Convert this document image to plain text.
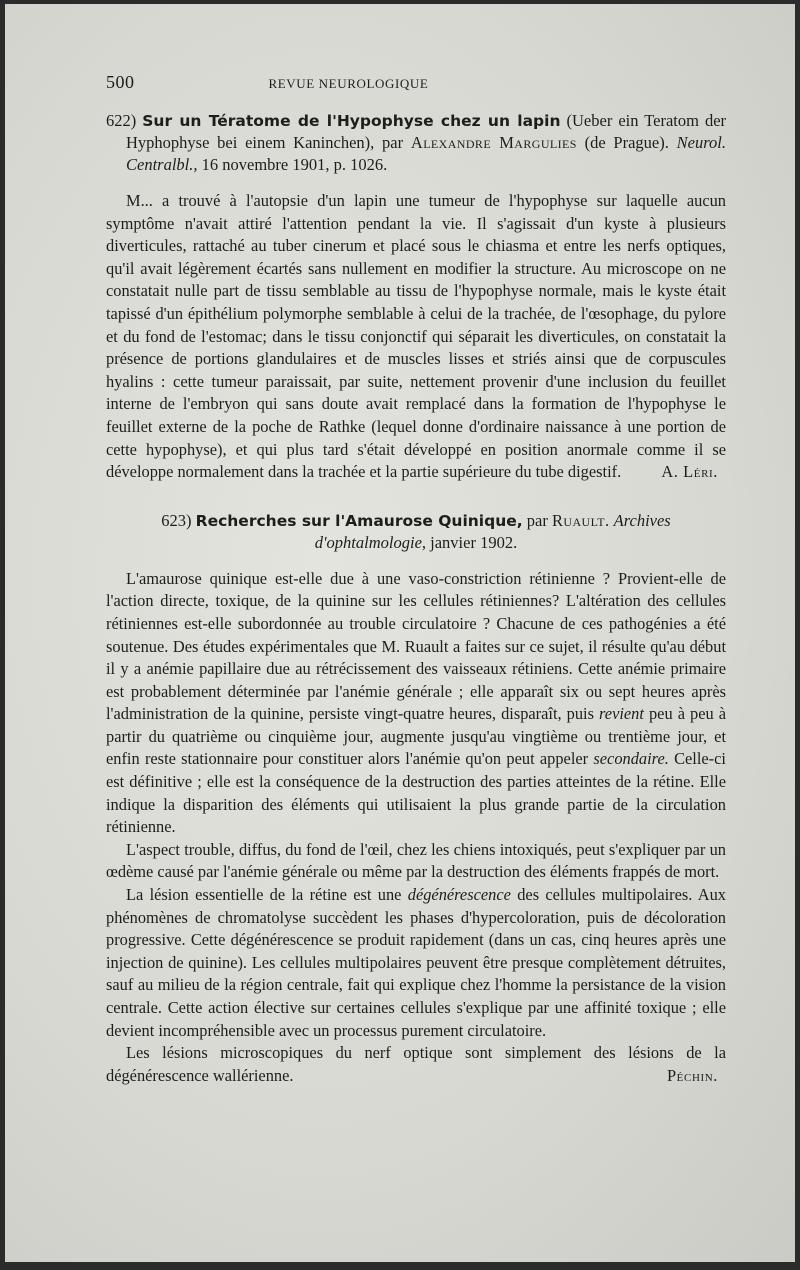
500	REVUE NEUROLOGIQUE

622) Sur un Tératome de l'Hypophyse chez un lapin (Ueber ein Teratom der Hyphophyse bei einem Kaninchen), par Alexandre Margulies (de Prague). Neurol. Centralbl., 16 novembre 1901, p. 1026.

M... a trouvé à l'autopsie d'un lapin une tumeur de l'hypophyse sur laquelle aucun symptôme n'avait attiré l'attention pendant la vie. Il s'agissait d'un kyste à plusieurs diverticules, rattaché au tuber cinerum et placé sous le chiasma et entre les nerfs optiques, qu'il avait légèrement écartés sans nullement en modifier la structure. Au microscope on ne constatait nulle part de tissu semblable au tissu de l'hypophyse normale, mais le kyste était tapissé d'un épithélium polymorphe semblable à celui de la trachée, de l'œsophage, du pylore et du fond de l'estomac; dans le tissu conjonctif qui séparait les diverticules, on constatait la présence de portions glandulaires et de muscles lisses et striés ainsi que de corpuscules hyalins : cette tumeur paraissait, par suite, nettement provenir d'une inclusion du feuillet interne de l'embryon qui sans doute avait remplacé dans la formation de l'hypophyse le feuillet externe de la poche de Rathke (lequel donne d'ordinaire naissance à une portion de cette hypophyse), et qui plus tard s'était développé en position anormale comme il se développe normalement dans la trachée et la partie supérieure du tube digestif.	A. Léri.

623) Recherches sur l'Amaurose Quinique, par Ruault. Archives d'ophtalmologie, janvier 1902.

L'amaurose quinique est-elle due à une vaso-constriction rétinienne ? Provient-elle de l'action directe, toxique, de la quinine sur les cellules rétiniennes? L'altération des cellules rétiniennes est-elle subordonnée au trouble circulatoire ? Chacune de ces pathogénies a été soutenue. Des études expérimentales que M. Ruault a faites sur ce sujet, il résulte qu'au début il y a anémie papillaire due au rétrécissement des vaisseaux rétiniens. Cette anémie primaire est probablement déterminée par l'anémie générale ; elle apparaît six ou sept heures après l'administration de la quinine, persiste vingt-quatre heures, disparaît, puis revient peu à peu à partir du quatrième ou cinquième jour, augmente jusqu'au vingtième ou trentième jour, et enfin reste stationnaire pour constituer alors l'anémie qu'on peut appeler secondaire. Celle-ci est définitive ; elle est la conséquence de la destruction des parties atteintes de la rétine. Elle indique la disparition des éléments qui utilisaient la plus grande partie de la circulation rétinienne.

L'aspect trouble, diffus, du fond de l'œil, chez les chiens intoxiqués, peut s'expliquer par un œdème causé par l'anémie générale ou même par la destruction des éléments frappés de mort.

La lésion essentielle de la rétine est une dégénérescence des cellules multipolaires. Aux phénomènes de chromatolyse succèdent les phases d'hypercoloration, puis de décoloration progressive. Cette dégénérescence se produit rapidement (dans un cas, cinq heures après une injection de quinine). Les cellules multipolaires peuvent être presque complètement détruites, sauf au milieu de la région centrale, fait qui explique chez l'homme la persistance de la vision centrale. Cette action élective sur certaines cellules s'explique par une affinité toxique ; elle devient incompréhensible avec un processus purement circulatoire.

Les lésions microscopiques du nerf optique sont simplement des lésions de la dégénérescence wallérienne.	Péchin.
